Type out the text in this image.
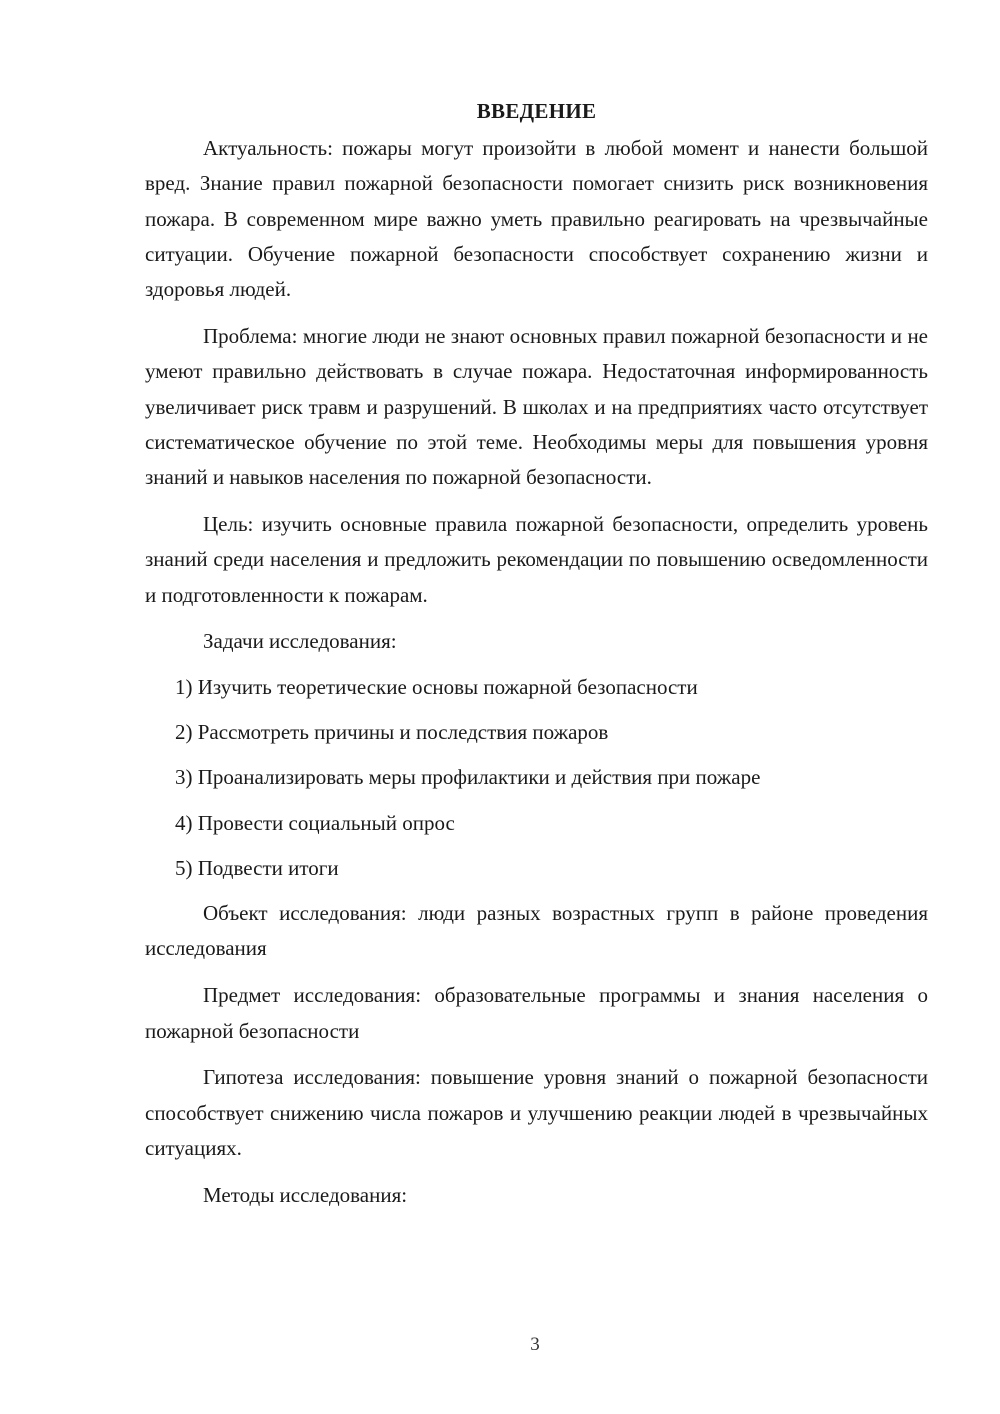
ВВЕДЕНИЕ

Актуальность: пожары могут произойти в любой момент и нанести большой вред. Знание правил пожарной безопасности помогает снизить риск возникновения пожара. В современном мире важно уметь правильно реагировать на чрезвычайные ситуации. Обучение пожарной безопасности способствует сохранению жизни и здоровья людей.

Проблема: многие люди не знают основных правил пожарной безопасности и не умеют правильно действовать в случае пожара. Недостаточная информированность увеличивает риск травм и разрушений. В школах и на предприятиях часто отсутствует систематическое обучение по этой теме. Необходимы меры для повышения уровня знаний и навыков населения по пожарной безопасности.

Цель: изучить основные правила пожарной безопасности, определить уровень знаний среди населения и предложить рекомендации по повышению осведомленности и подготовленности к пожарам.

Задачи исследования:

1) Изучить теоретические основы пожарной безопасности

2) Рассмотреть причины и последствия пожаров

3) Проанализировать меры профилактики и действия при пожаре

4) Провести социальный опрос

5) Подвести итоги

Объект исследования: люди разных возрастных групп в районе проведения исследования

Предмет исследования: образовательные программы и знания населения о пожарной безопасности

Гипотеза исследования: повышение уровня знаний о пожарной безопасности способствует снижению числа пожаров и улучшению реакции людей в чрезвычайных ситуациях.

Методы исследования:

3
